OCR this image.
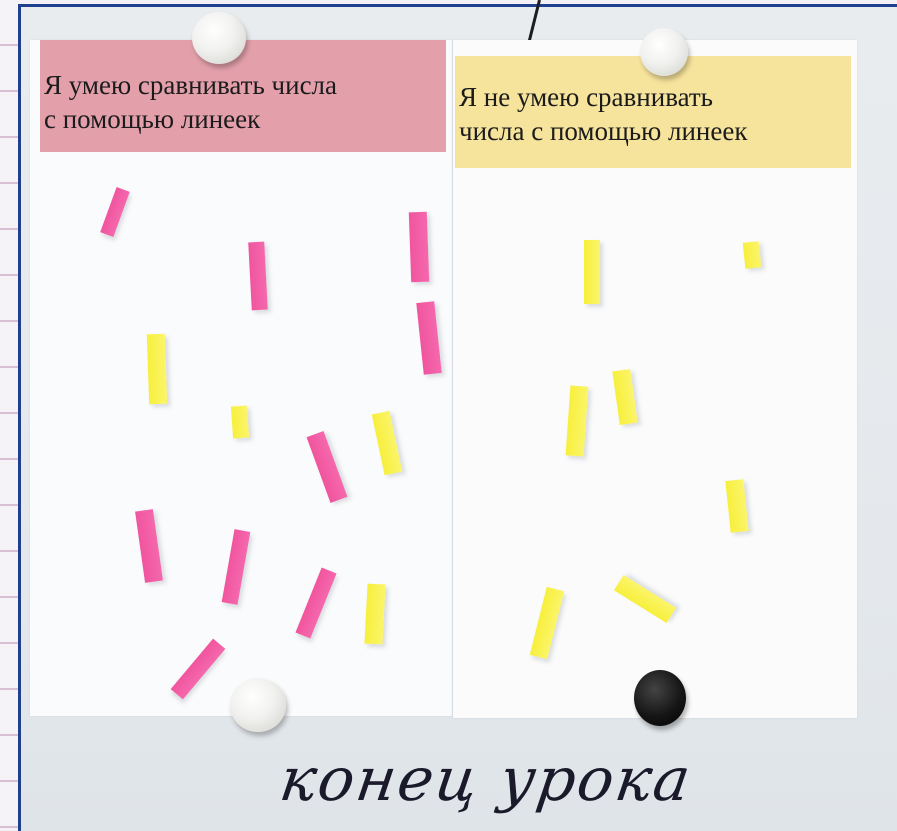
Я умею сравнивать числа
с помощью линеек
Я не умею сравнивать
числа с помощью линеек
конец урока
